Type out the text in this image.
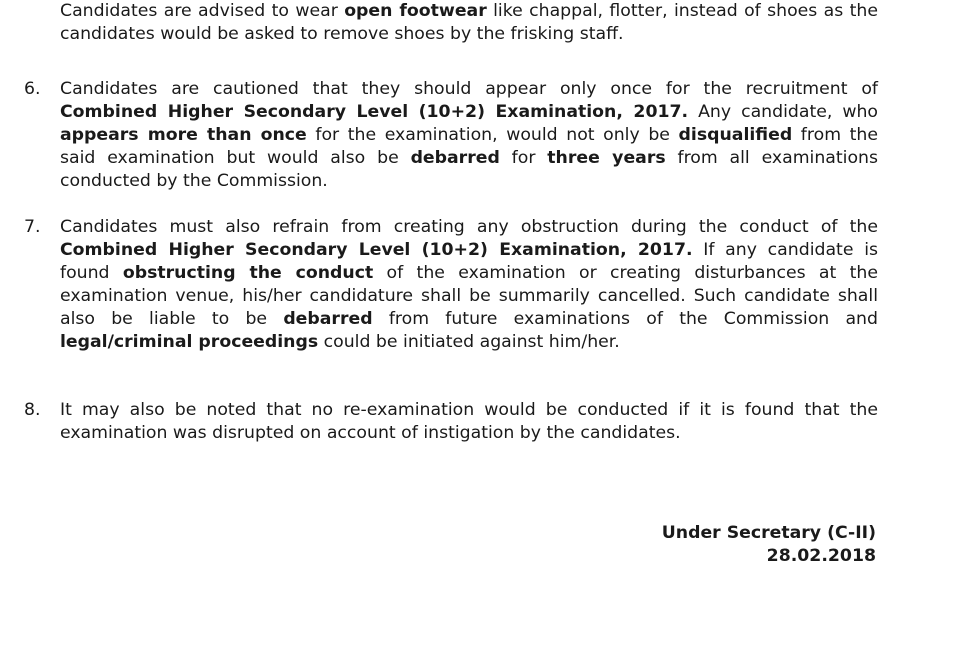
Candidates are advised to wear open footwear like chappal, flotter, instead of shoes as the candidates would be asked to remove shoes by the frisking staff.

6. Candidates are cautioned that they should appear only once for the recruitment of Combined Higher Secondary Level (10+2) Examination, 2017. Any candidate, who appears more than once for the examination, would not only be disqualified from the said examination but would also be debarred for three years from all examinations conducted by the Commission.

7. Candidates must also refrain from creating any obstruction during the conduct of the Combined Higher Secondary Level (10+2) Examination, 2017. If any candidate is found obstructing the conduct of the examination or creating disturbances at the examination venue, his/her candidature shall be summarily cancelled. Such candidate shall also be liable to be debarred from future examinations of the Commission and legal/criminal proceedings could be initiated against him/her.

8. It may also be noted that no re-examination would be conducted if it is found that the examination was disrupted on account of instigation by the candidates.

Under Secretary (C-II)
28.02.2018
